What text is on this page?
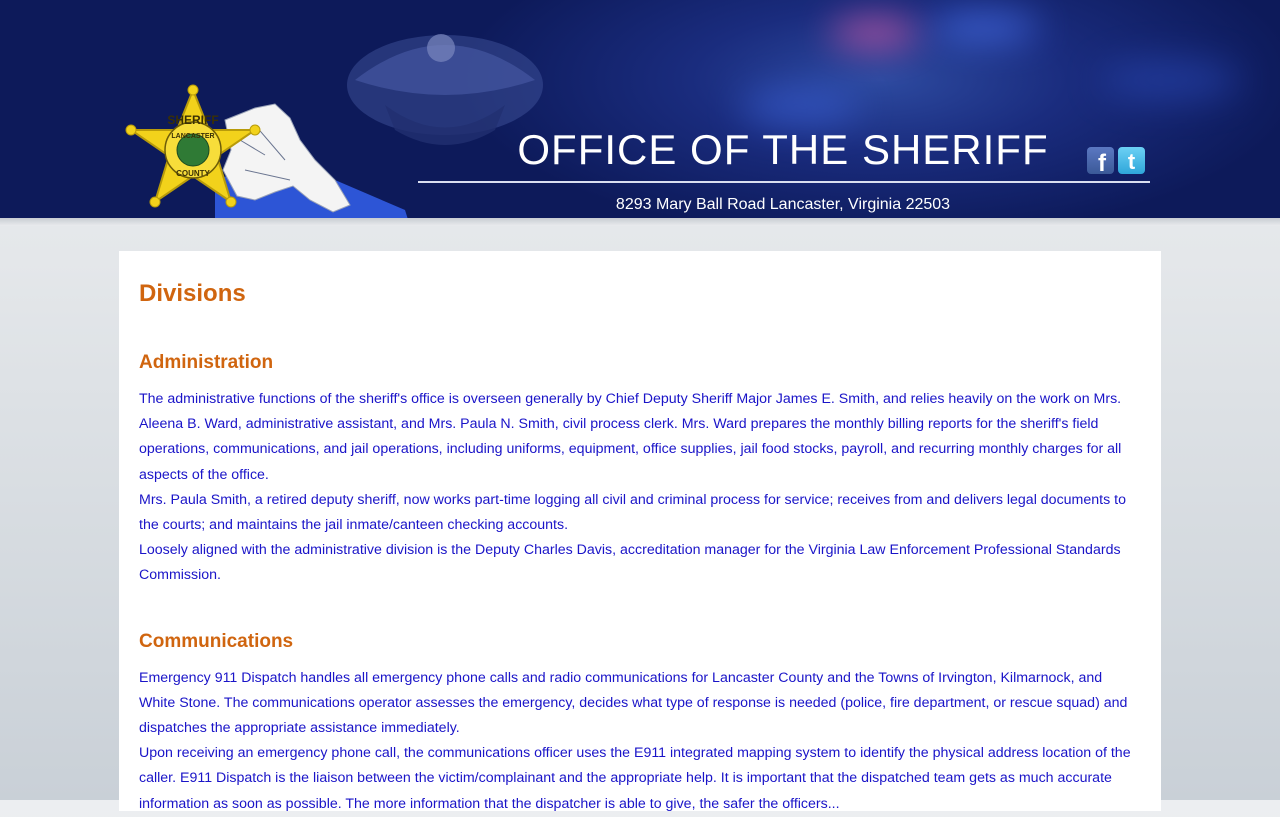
SHERIFF
LANCASTER
COUNTY
OFFICE OF THE SHERIFF
8293 Mary Ball Road Lancaster, Virginia 22503
f t
Divisions
Administration

The administrative functions of the sheriff's office is overseen generally by Chief Deputy Sheriff Major James E. Smith, and relies heavily on the work on Mrs. Aleena B. Ward, administrative assistant, and Mrs. Paula N. Smith, civil process clerk. Mrs. Ward prepares the monthly billing reports for the sheriff's field operations, communications, and jail operations, including uniforms, equipment, office supplies, jail food stocks, payroll, and recurring monthly charges for all aspects of the office.

Mrs. Paula Smith, a retired deputy sheriff, now works part-time logging all civil and criminal process for service; receives from and delivers legal documents to the courts; and maintains the jail inmate/canteen checking accounts.

Loosely aligned with the administrative division is the Deputy Charles Davis, accreditation manager for the Virginia Law Enforcement Professional Standards Commission.

Communications

Emergency 911 Dispatch handles all emergency phone calls and radio communications for Lancaster County and the Towns of Irvington, Kilmarnock, and White Stone. The communications operator assesses the emergency, decides what type of response is needed (police, fire department, or rescue squad) and dispatches the appropriate assistance immediately.

Upon receiving an emergency phone call, the communications officer uses the E911 integrated mapping system to identify the physical address location of the caller. E911 Dispatch is the liaison between the victim/complainant and the appropriate help. It is important that the dispatched team gets as much accurate information as soon as possible. The more information that the dispatcher is able to give, the safer the officers...
